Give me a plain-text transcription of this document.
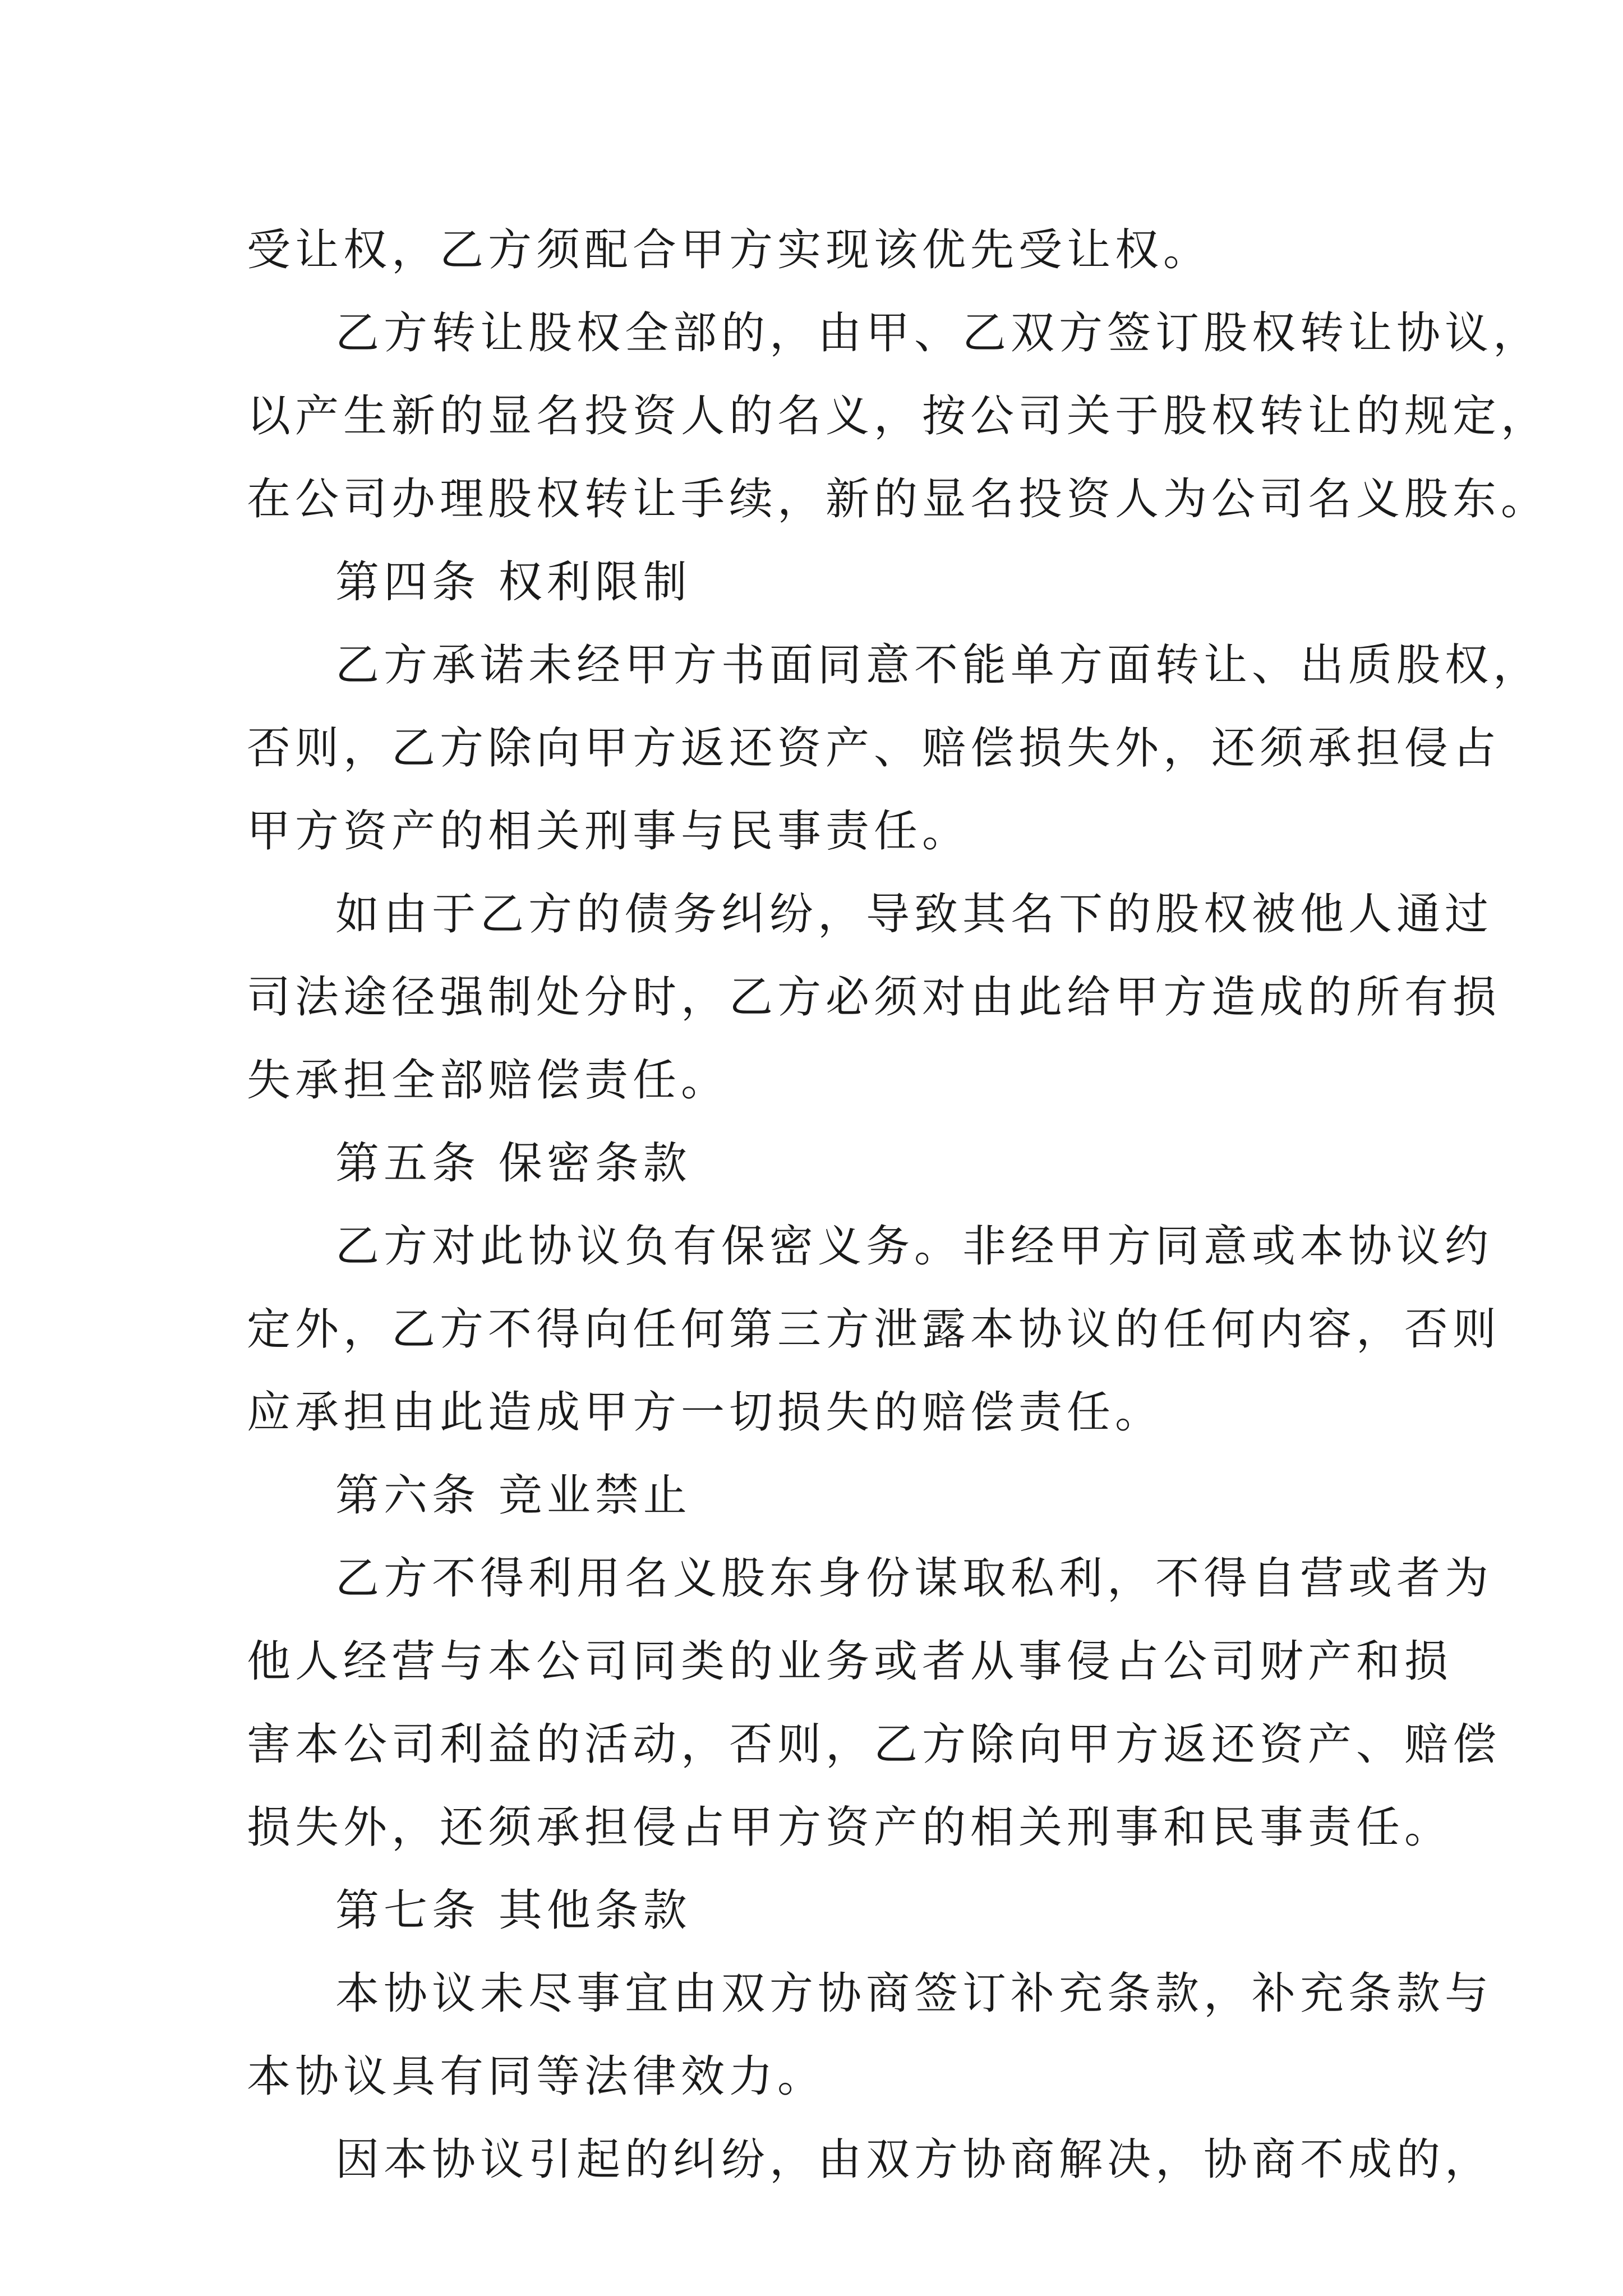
受让权，乙方须配合甲方实现该优先受让权。
乙方转让股权全部的，由甲、乙双方签订股权转让协议，
以产生新的显名投资人的名义，按公司关于股权转让的规定，
在公司办理股权转让手续，新的显名投资人为公司名义股东。
第四条 权利限制
乙方承诺未经甲方书面同意不能单方面转让、出质股权，
否则，乙方除向甲方返还资产、赔偿损失外，还须承担侵占
甲方资产的相关刑事与民事责任。
如由于乙方的债务纠纷，导致其名下的股权被他人通过
司法途径强制处分时，乙方必须对由此给甲方造成的所有损
失承担全部赔偿责任。
第五条 保密条款
乙方对此协议负有保密义务。非经甲方同意或本协议约
定外，乙方不得向任何第三方泄露本协议的任何内容，否则
应承担由此造成甲方一切损失的赔偿责任。
第六条 竞业禁止
乙方不得利用名义股东身份谋取私利，不得自营或者为
他人经营与本公司同类的业务或者从事侵占公司财产和损
害本公司利益的活动，否则，乙方除向甲方返还资产、赔偿
损失外，还须承担侵占甲方资产的相关刑事和民事责任。
第七条 其他条款
本协议未尽事宜由双方协商签订补充条款，补充条款与
本协议具有同等法律效力。
因本协议引起的纠纷，由双方协商解决，协商不成的，
